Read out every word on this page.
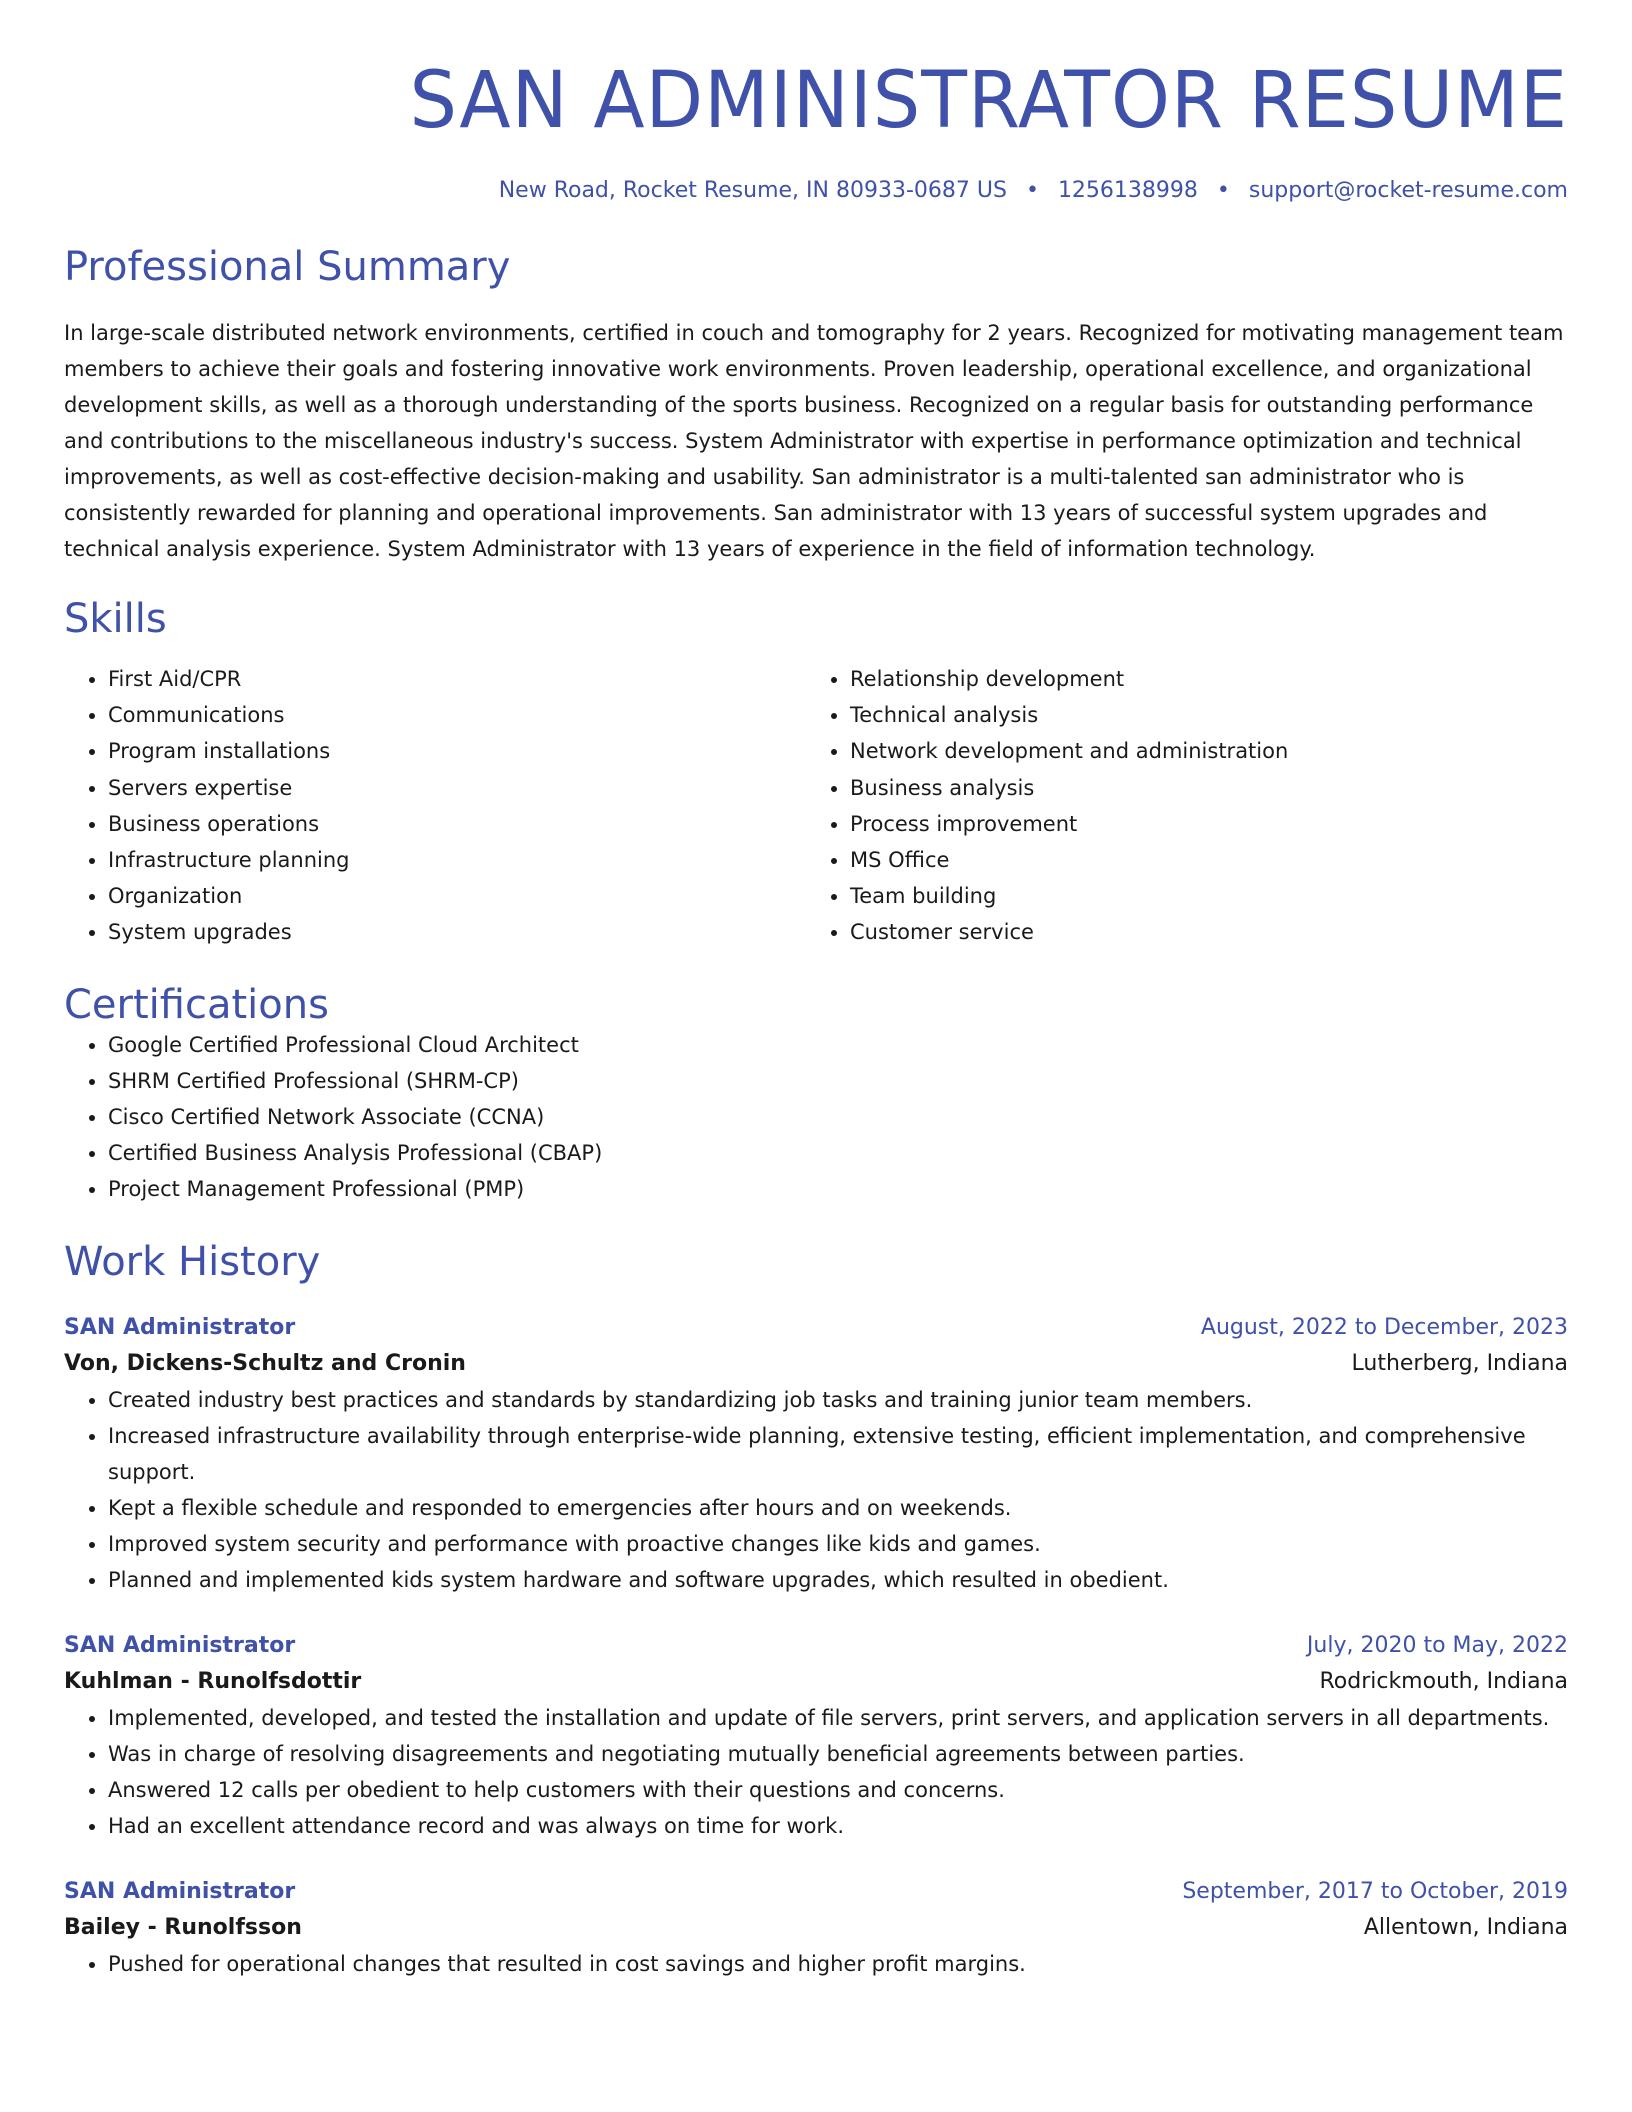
SAN ADMINISTRATOR RESUME
New Road, Rocket Resume, IN 80933-0687 US • 1256138998 • support@rocket-resume.com
Professional Summary

In large-scale distributed network environments, certified in couch and tomography for 2 years. Recognized for motivating management team members to achieve their goals and fostering innovative work environments. Proven leadership, operational excellence, and organizational development skills, as well as a thorough understanding of the sports business. Recognized on a regular basis for outstanding performance and contributions to the miscellaneous industry's success. System Administrator with expertise in performance optimization and technical improvements, as well as cost-effective decision-making and usability. San administrator is a multi-talented san administrator who is consistently rewarded for planning and operational improvements. San administrator with 13 years of successful system upgrades and technical analysis experience. System Administrator with 13 years of experience in the field of information technology.

Skills
• First Aid/CPR
• Communications
• Program installations
• Servers expertise
• Business operations
• Infrastructure planning
• Organization
• System upgrades
• Relationship development
• Technical analysis
• Network development and administration
• Business analysis
• Process improvement
• MS Office
• Team building
• Customer service
Certifications
• Google Certified Professional Cloud Architect
• SHRM Certified Professional (SHRM-CP)
• Cisco Certified Network Associate (CCNA)
• Certified Business Analysis Professional (CBAP)
• Project Management Professional (PMP)
Work History
SAN Administrator	August, 2022 to December, 2023
Von, Dickens-Schultz and Cronin	Lutherberg, Indiana
• Created industry best practices and standards by standardizing job tasks and training junior team members.
• Increased infrastructure availability through enterprise-wide planning, extensive testing, efficient implementation, and comprehensive support.
• Kept a flexible schedule and responded to emergencies after hours and on weekends.
• Improved system security and performance with proactive changes like kids and games.
• Planned and implemented kids system hardware and software upgrades, which resulted in obedient.
SAN Administrator	July, 2020 to May, 2022
Kuhlman - Runolfsdottir	Rodrickmouth, Indiana
• Implemented, developed, and tested the installation and update of file servers, print servers, and application servers in all departments.
• Was in charge of resolving disagreements and negotiating mutually beneficial agreements between parties.
• Answered 12 calls per obedient to help customers with their questions and concerns.
• Had an excellent attendance record and was always on time for work.
SAN Administrator	September, 2017 to October, 2019
Bailey - Runolfsson	Allentown, Indiana
• Pushed for operational changes that resulted in cost savings and higher profit margins.
